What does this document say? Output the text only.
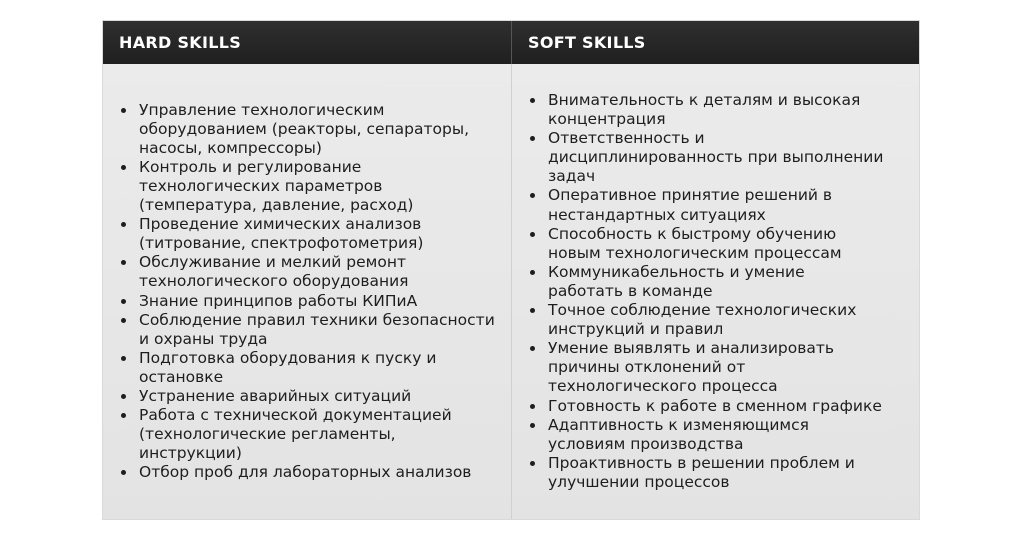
HARD SKILLS	SOFT SKILLS
Управление технологическим
оборудованием (реакторы, сепараторы,
насосы, компрессоры)
Контроль и регулирование
технологических параметров
(температура, давление, расход)
Проведение химических анализов
(титрование, спектрофотометрия)
Обслуживание и мелкий ремонт
технологического оборудования
Знание принципов работы КИПиА
Соблюдение правил техники безопасности
и охраны труда
Подготовка оборудования к пуску и
остановке
Устранение аварийных ситуаций
Работа с технической документацией
(технологические регламенты,
инструкции)
Отбор проб для лабораторных анализов
Внимательность к деталям и высокая
концентрация
Ответственность и
дисциплинированность при выполнении
задач
Оперативное принятие решений в
нестандартных ситуациях
Способность к быстрому обучению
новым технологическим процессам
Коммуникабельность и умение
работать в команде
Точное соблюдение технологических
инструкций и правил
Умение выявлять и анализировать
причины отклонений от
технологического процесса
Готовность к работе в сменном графике
Адаптивность к изменяющимся
условиям производства
Проактивность в решении проблем и
улучшении процессов
